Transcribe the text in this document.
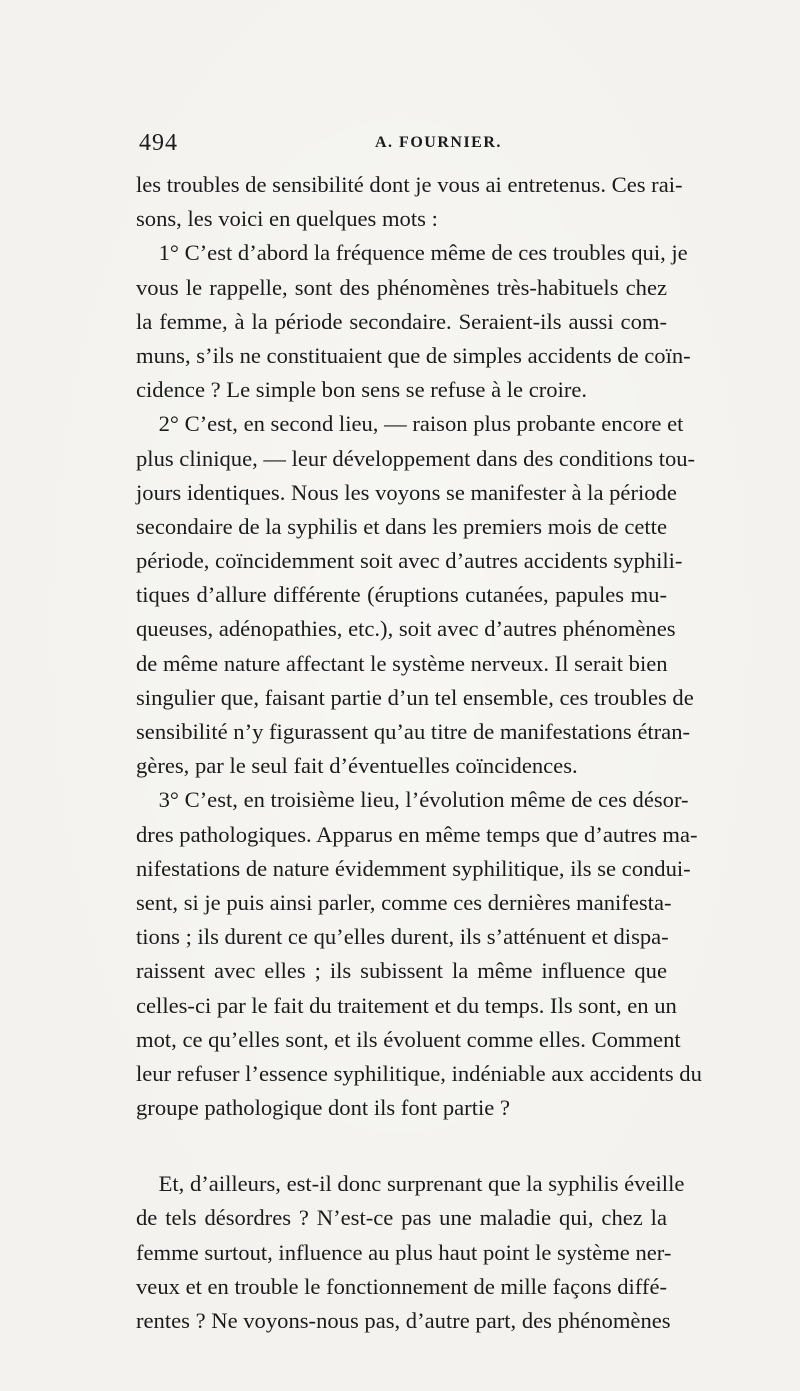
494	A. FOURNIER.
les troubles de sensibilité dont je vous ai entretenus. Ces rai-
sons, les voici en quelques mots :
1° C’est d’abord la fréquence même de ces troubles qui, je
vous le rappelle, sont des phénomènes très-habituels chez
la femme, à la période secondaire. Seraient-ils aussi com-
muns, s’ils ne constituaient que de simples accidents de coïn-
cidence ? Le simple bon sens se refuse à le croire.
2° C’est, en second lieu, — raison plus probante encore et
plus clinique, — leur développement dans des conditions tou-
jours identiques. Nous les voyons se manifester à la période
secondaire de la syphilis et dans les premiers mois de cette
période, coïncidemment soit avec d’autres accidents syphili-
tiques d’allure différente (éruptions cutanées, papules mu-
queuses, adénopathies, etc.), soit avec d’autres phénomènes
de même nature affectant le système nerveux. Il serait bien
singulier que, faisant partie d’un tel ensemble, ces troubles de
sensibilité n’y figurassent qu’au titre de manifestations étran-
gères, par le seul fait d’éventuelles coïncidences.
3° C’est, en troisième lieu, l’évolution même de ces désor-
dres pathologiques. Apparus en même temps que d’autres ma-
nifestations de nature évidemment syphilitique, ils se condui-
sent, si je puis ainsi parler, comme ces dernières manifesta-
tions ; ils durent ce qu’elles durent, ils s’atténuent et dispa-
raissent avec elles ; ils subissent la même influence que
celles-ci par le fait du traitement et du temps. Ils sont, en un
mot, ce qu’elles sont, et ils évoluent comme elles. Comment
leur refuser l’essence syphilitique, indéniable aux accidents du
groupe pathologique dont ils font partie ?
Et, d’ailleurs, est-il donc surprenant que la syphilis éveille
de tels désordres ? N’est-ce pas une maladie qui, chez la
femme surtout, influence au plus haut point le système ner-
veux et en trouble le fonctionnement de mille façons diffé-
rentes ? Ne voyons-nous pas, d’autre part, des phénomènes
